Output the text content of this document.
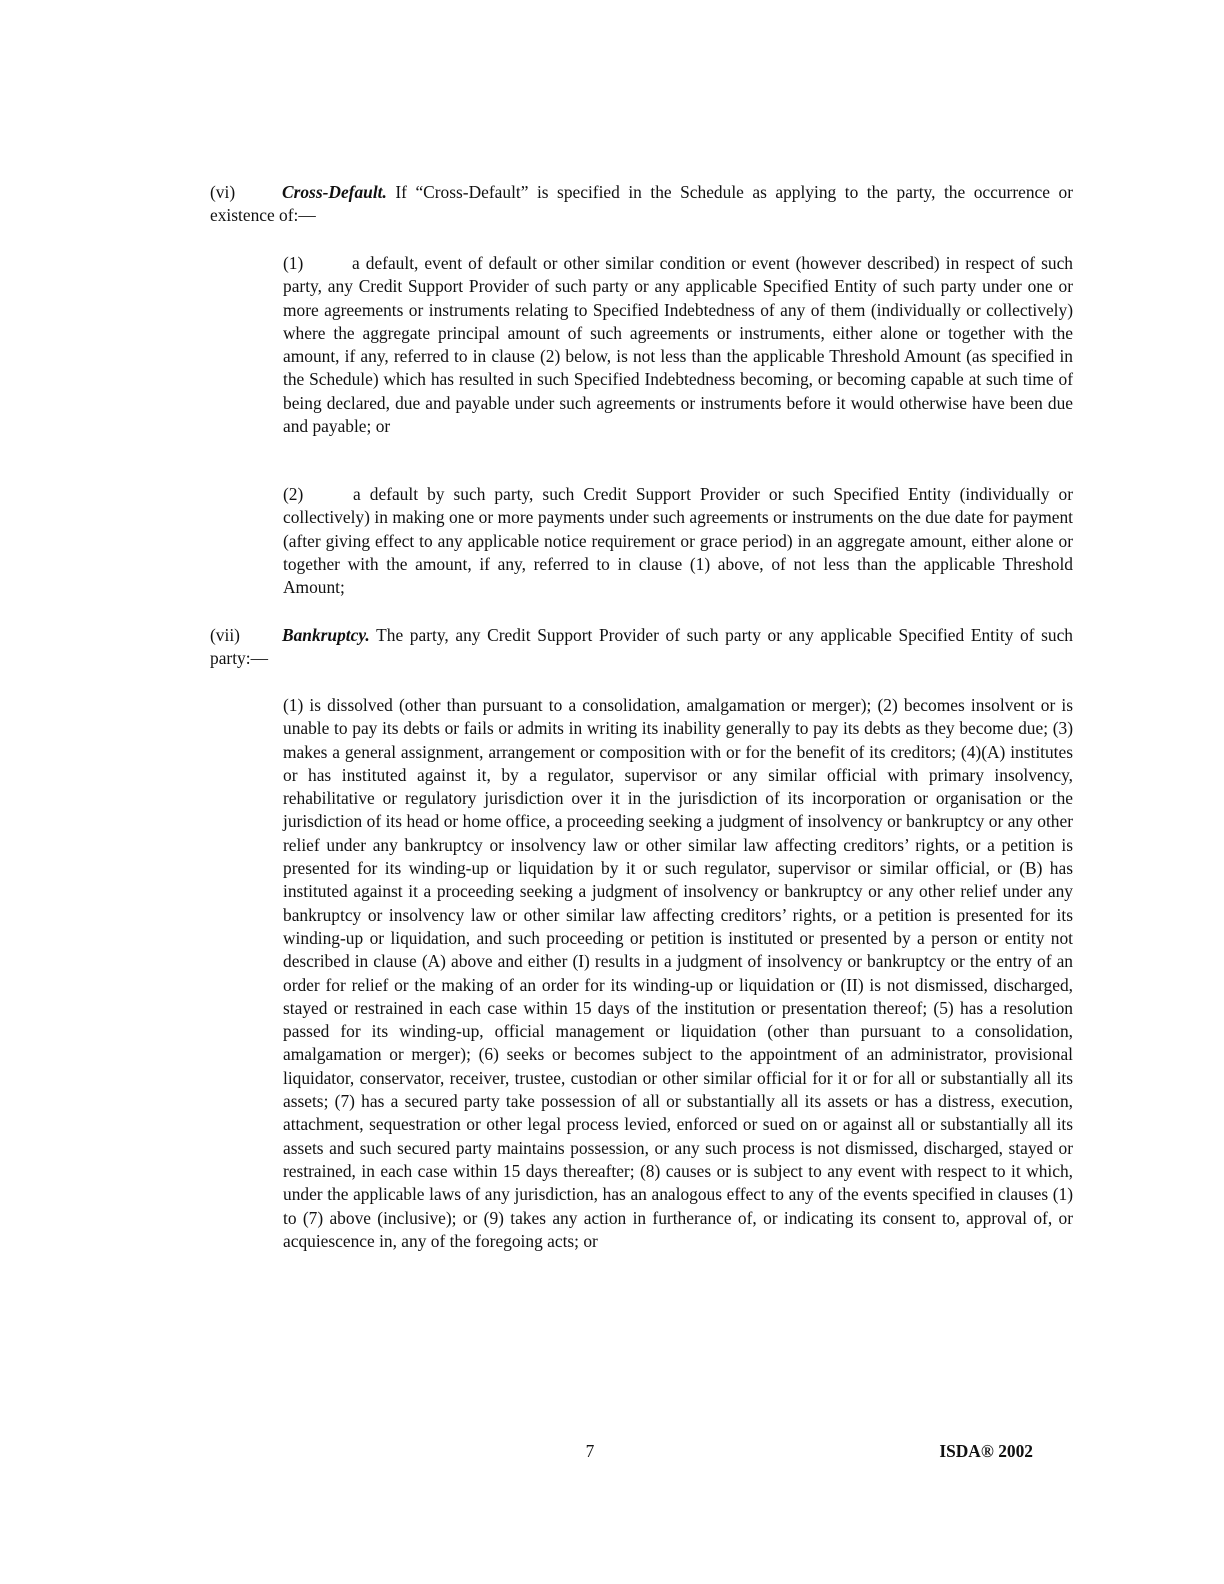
(vi)	Cross-Default. If “Cross-Default” is specified in the Schedule as applying to the party, the occurrence or existence of:—

(1)	a default, event of default or other similar condition or event (however described) in respect of such party, any Credit Support Provider of such party or any applicable Specified Entity of such party under one or more agreements or instruments relating to Specified Indebtedness of any of them (individually or collectively) where the aggregate principal amount of such agreements or instruments, either alone or together with the amount, if any, referred to in clause (2) below, is not less than the applicable Threshold Amount (as specified in the Schedule) which has resulted in such Specified Indebtedness becoming, or becoming capable at such time of being declared, due and payable under such agreements or instruments before it would otherwise have been due and payable; or

(2)	a default by such party, such Credit Support Provider or such Specified Entity (individually or collectively) in making one or more payments under such agreements or instruments on the due date for payment (after giving effect to any applicable notice requirement or grace period) in an aggregate amount, either alone or together with the amount, if any, referred to in clause (1) above, of not less than the applicable Threshold Amount;

(vii) Bankruptcy. The party, any Credit Support Provider of such party or any applicable Specified Entity of such party:—

(1) is dissolved (other than pursuant to a consolidation, amalgamation or merger); (2) becomes insolvent or is unable to pay its debts or fails or admits in writing its inability generally to pay its debts as they become due; (3) makes a general assignment, arrangement or composition with or for the benefit of its creditors; (4)(A) institutes or has instituted against it, by a regulator, supervisor or any similar official with primary insolvency, rehabilitative or regulatory jurisdiction over it in the jurisdiction of its incorporation or organisation or the jurisdiction of its head or home office, a proceeding seeking a judgment of insolvency or bankruptcy or any other relief under any bankruptcy or insolvency law or other similar law affecting creditors’ rights, or a petition is presented for its winding-up or liquidation by it or such regulator, supervisor or similar official, or (B) has instituted against it a proceeding seeking a judgment of insolvency or bankruptcy or any other relief under any bankruptcy or insolvency law or other similar law affecting creditors’ rights, or a petition is presented for its winding-up or liquidation, and such proceeding or petition is instituted or presented by a person or entity not described in clause (A) above and either (I) results in a judgment of insolvency or bankruptcy or the entry of an order for relief or the making of an order for its winding-up or liquidation or (II) is not dismissed, discharged, stayed or restrained in each case within 15 days of the institution or presentation thereof; (5) has a resolution passed for its winding-up, official management or liquidation (other than pursuant to a consolidation, amalgamation or merger); (6) seeks or becomes subject to the appointment of an administrator, provisional liquidator, conservator, receiver, trustee, custodian or other similar official for it or for all or substantially all its assets; (7) has a secured party take possession of all or substantially all its assets or has a distress, execution, attachment, sequestration or other legal process levied, enforced or sued on or against all or substantially all its assets and such secured party maintains possession, or any such process is not dismissed, discharged, stayed or restrained, in each case within 15 days thereafter; (8) causes or is subject to any event with respect to it which, under the applicable laws of any jurisdiction, has an analogous effect to any of the events specified in clauses (1) to (7) above (inclusive); or (9) takes any action in furtherance of, or indicating its consent to, approval of, or acquiescence in, any of the foregoing acts; or

7	ISDA® 2002
